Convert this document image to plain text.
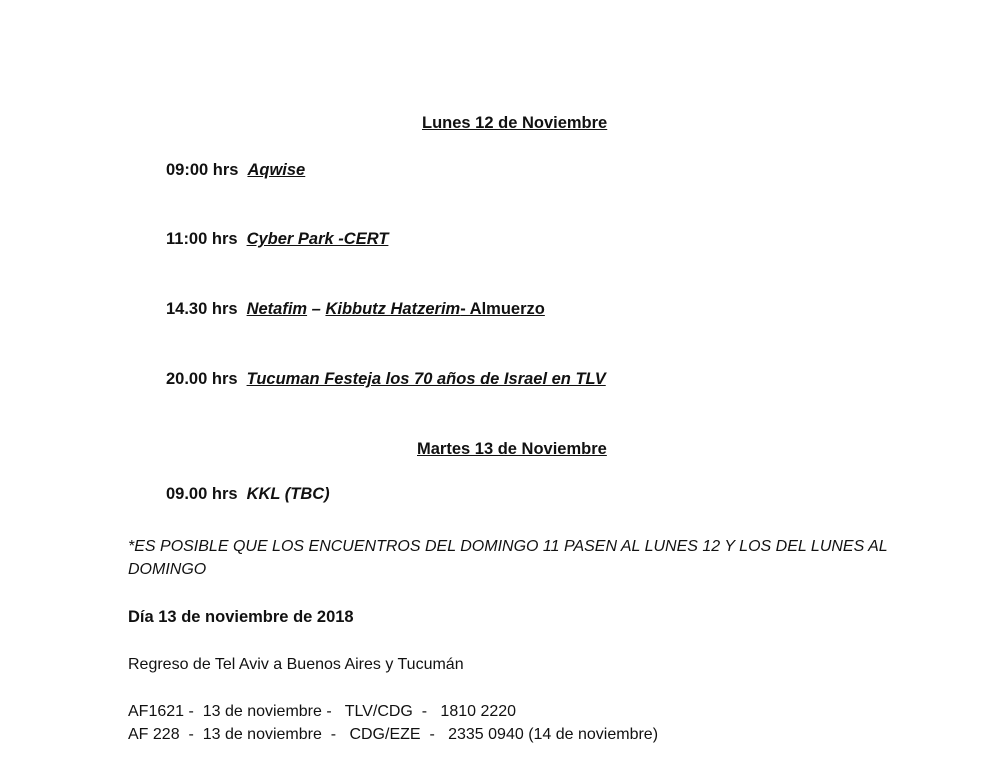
Lunes 12 de Noviembre
09:00 hrs Aqwise
11:00 hrs Cyber Park -CERT
14.30 hrs Netafim – Kibbutz Hatzerim- Almuerzo
20.00 hrs Tucuman Festeja los 70 años de Israel en TLV
Martes 13 de Noviembre
09.00 hrs KKL (TBC)
*ES POSIBLE QUE LOS ENCUENTROS DEL DOMINGO 11 PASEN AL LUNES 12 Y LOS DEL LUNES AL DOMINGO
Día 13 de noviembre de 2018
Regreso de Tel Aviv a Buenos Aires y Tucumán
AF1621 -  13 de noviembre -   TLV/CDG  -   1810 2220
AF 228  -  13 de noviembre  -   CDG/EZE  -   2335 0940 (14 de noviembre)
